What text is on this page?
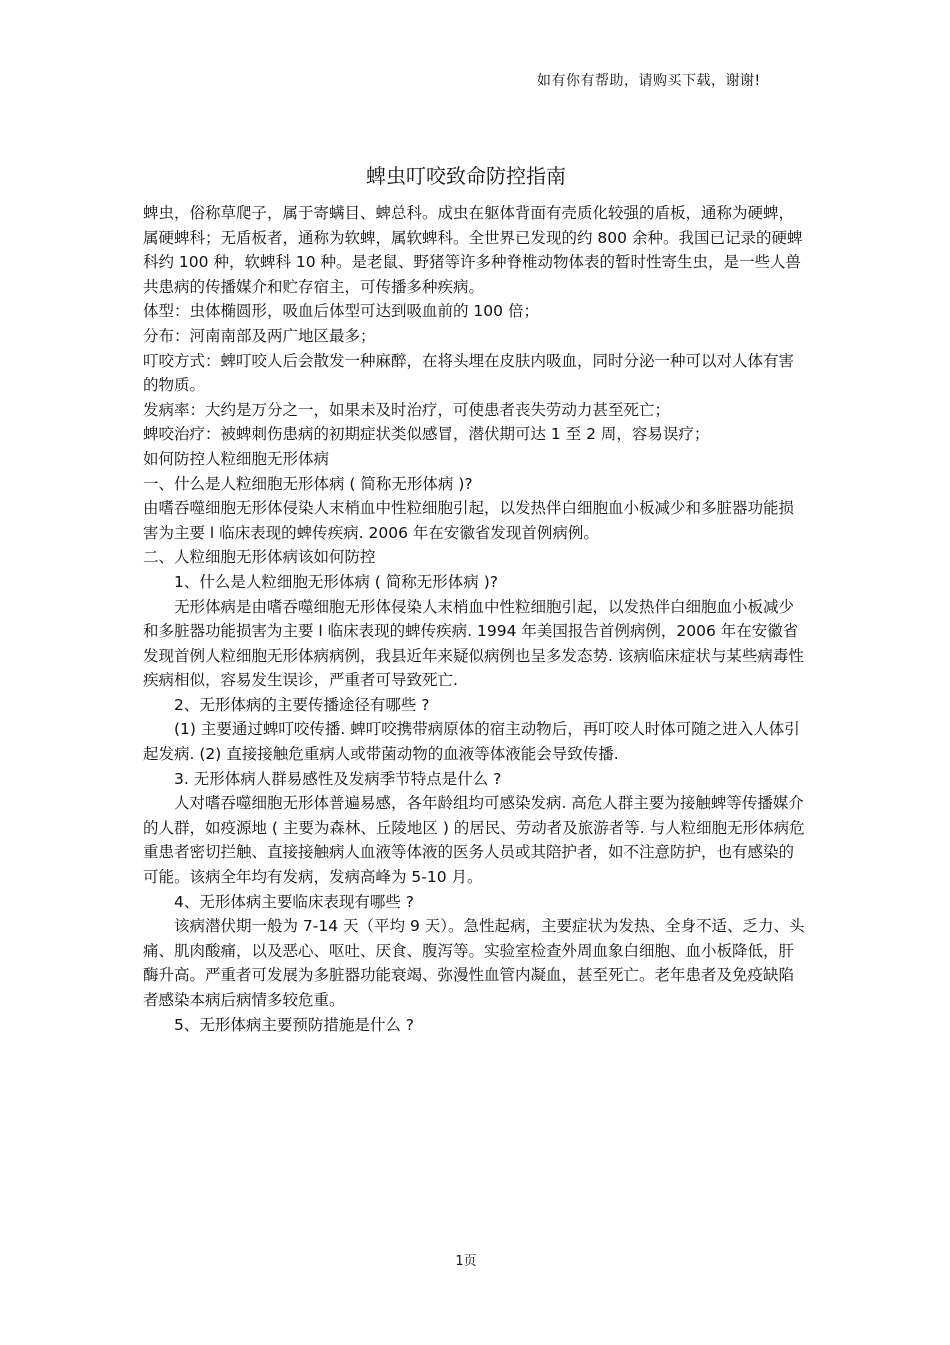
如有你有帮助，请购买下载，谢谢!
蜱虫叮咬致命防控指南

蜱虫，俗称草爬子，属于寄螨目、蜱总科。成虫在躯体背面有壳质化较强的盾板，通称为硬蜱，属硬蜱科；无盾板者，通称为软蜱，属软蜱科。全世界已发现的约 800 余种。我国已记录的硬蜱科约 100 种，软蜱科 10 种。是老鼠、野猪等许多种脊椎动物体表的暂时性寄生虫，是一些人兽共患病的传播媒介和贮存宿主，可传播多种疾病。

体型：虫体椭圆形，吸血后体型可达到吸血前的 100 倍；

分布：河南南部及两广地区最多；

叮咬方式：蜱叮咬人后会散发一种麻醉，在将头埋在皮肤内吸血，同时分泌一种可以对人体有害的物质。

发病率：大约是万分之一，如果未及时治疗，可使患者丧失劳动力甚至死亡；

蜱咬治疗：被蜱刺伤患病的初期症状类似感冒，潜伏期可达 1 至 2 周，容易误疗；

如何防控人粒细胞无形体病

一、什么是人粒细胞无形体病 ( 简称无形体病 )?

由嗜吞噬细胞无形体侵染人末梢血中性粒细胞引起，以发热伴白细胞血小板减少和多脏器功能损害为主要 l 临床表现的蜱传疾病. 2006 年在安徽省发现首例病例。

二、人粒细胞无形体病该如何防控

1、什么是人粒细胞无形体病 ( 简称无形体病 )?

无形体病是由嗜吞噬细胞无形体侵染人末梢血中性粒细胞引起，以发热伴白细胞血小板减少和多脏器功能损害为主要 l 临床表现的蜱传疾病. 1994 年美国报告首例病例，2006 年在安徽省发现首例人粒细胞无形体病病例，我县近年来疑似病例也呈多发态势. 该病临床症状与某些病毒性疾病相似，容易发生误诊，严重者可导致死亡.

2、无形体病的主要传播途径有哪些 ?

(1) 主要通过蜱叮咬传播. 蜱叮咬携带病原体的宿主动物后，再叮咬人时体可随之进入人体引起发病. (2) 直接接触危重病人或带菌动物的血液等体液能会导致传播.

3. 无形体病人群易感性及发病季节特点是什么 ?

人对嗜吞噬细胞无形体普遍易感，各年龄组均可感染发病. 高危人群主要为接触蜱等传播媒介的人群，如疫源地 ( 主要为森林、丘陵地区 ) 的居民、劳动者及旅游者等. 与人粒细胞无形体病危重患者密切拦触、直接接触病人血液等体液的医务人员或其陪护者，如不注意防护，也有感染的可能。该病全年均有发病，发病高峰为 5-10 月。

4、无形体病主要临床表现有哪些 ?

该病潜伏期一般为 7-14 天（平均 9 天）。急性起病，主要症状为发热、全身不适、乏力、头痛、肌肉酸痛，以及恶心、呕吐、厌食、腹泻等。实验室检查外周血象白细胞、血小板降低，肝酶升高。严重者可发展为多脏器功能衰竭、弥漫性血管内凝血，甚至死亡。老年患者及免疫缺陷者感染本病后病情多较危重。

5、无形体病主要预防措施是什么 ?

1页
